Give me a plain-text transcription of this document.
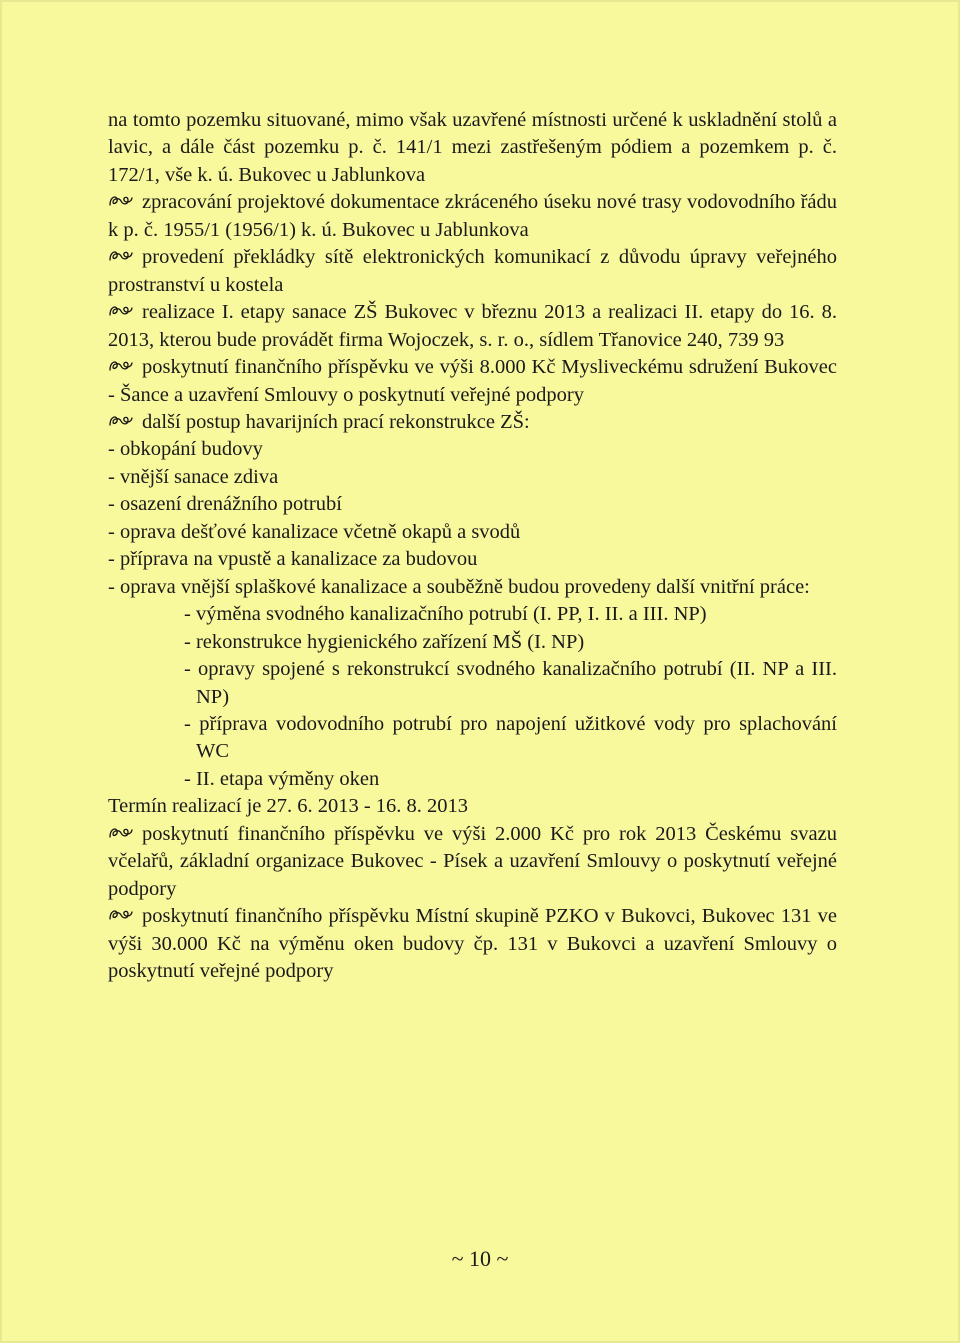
na tomto pozemku situované, mimo však uzavřené místnosti určené k uskladnění stolů a lavic, a dále část pozemku p. č. 141/1 mezi zastřešeným pódiem a pozemkem p. č. 172/1, vše k. ú. Bukovec u Jablunkova

zpracování projektové dokumentace zkráceného úseku nové trasy vodovodního řádu k p. č. 1955/1 (1956/1) k. ú. Bukovec u Jablunkova

provedení překládky sítě elektronických komunikací z důvodu úpravy veřejného prostranství u kostela

realizace I. etapy sanace ZŠ Bukovec v březnu 2013 a realizaci II. etapy do 16. 8. 2013, kterou bude provádět firma Wojoczek, s. r. o., sídlem Třanovice 240, 739 93

poskytnutí finančního příspěvku ve výši 8.000 Kč Mysliveckému sdružení Bukovec - Šance a uzavření Smlouvy o poskytnutí veřejné podpory

další postup havarijních prací rekonstrukce ZŠ:

- obkopání budovy

- vnější sanace zdiva

- osazení drenážního potrubí

- oprava dešťové kanalizace včetně okapů a svodů

- příprava na vpustě a kanalizace za budovou

- oprava vnější splaškové kanalizace a souběžně budou provedeny další vnitřní práce:

- výměna svodného kanalizačního potrubí (I. PP, I. II. a III. NP)

- rekonstrukce hygienického zařízení MŠ (I. NP)

- opravy spojené s rekonstrukcí svodného kanalizačního potrubí (II. NP a III. NP)

- příprava vodovodního potrubí pro napojení užitkové vody pro splachování WC

- II. etapa výměny oken

Termín realizací je 27. 6. 2013 - 16. 8. 2013

poskytnutí finančního příspěvku ve výši 2.000 Kč pro rok 2013 Českému svazu včelařů, základní organizace Bukovec - Písek a uzavření Smlouvy o poskytnutí veřejné podpory

poskytnutí finančního příspěvku Místní skupině PZKO v Bukovci, Bukovec 131 ve výši 30.000 Kč na výměnu oken budovy čp. 131 v Bukovci a uzavření Smlouvy o poskytnutí veřejné podpory

~ 10 ~
